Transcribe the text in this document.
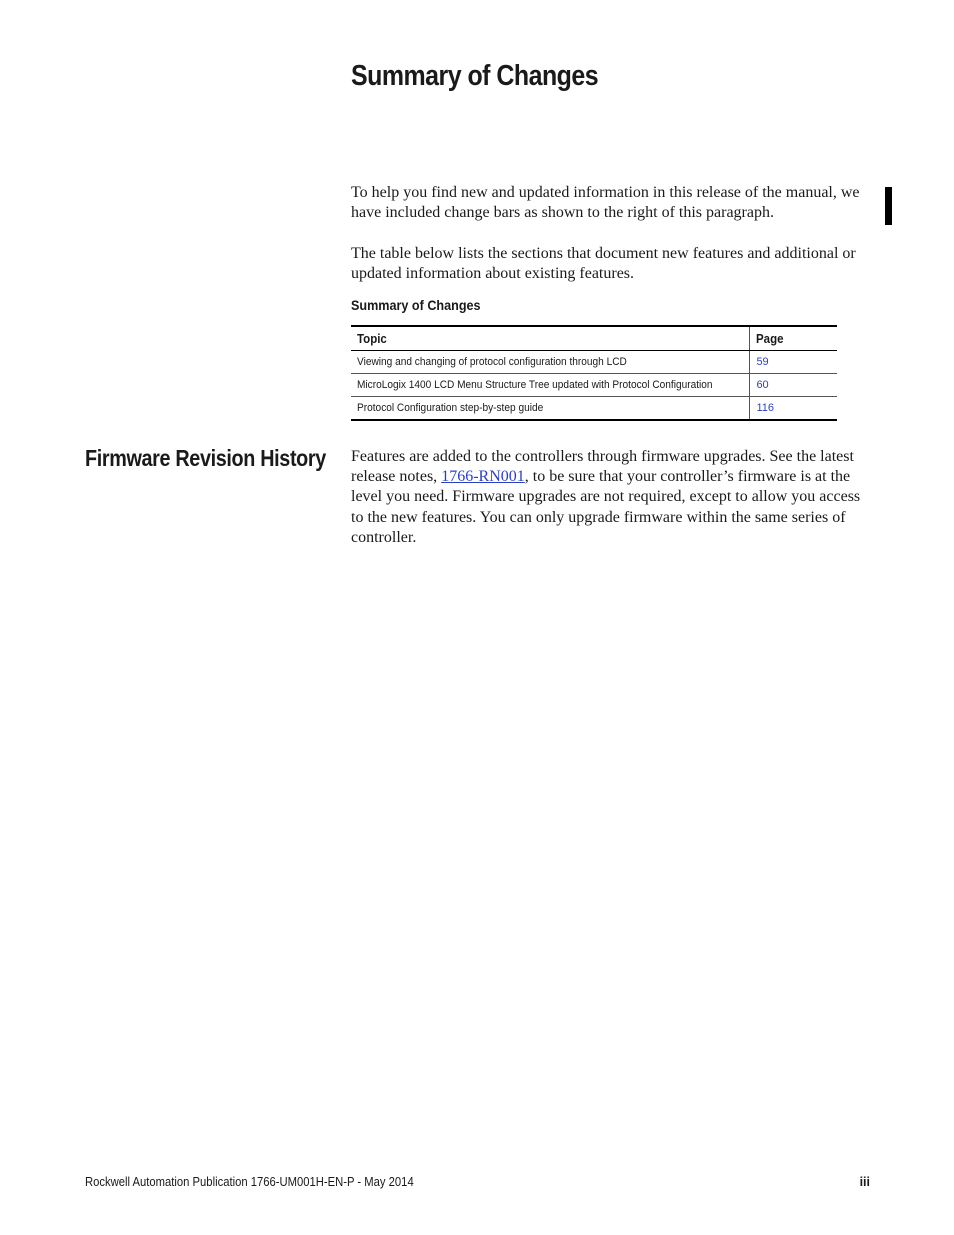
Summary of Changes

To help you find new and updated information in this release of the manual, we have included change bars as shown to the right of this paragraph.

The table below lists the sections that document new features and additional or updated information about existing features.

Summary of Changes

Topic	Page
Viewing and changing of protocol configuration through LCD	59
MicroLogix 1400 LCD Menu Structure Tree updated with Protocol Configuration	60
Protocol Configuration step-by-step guide	116
Firmware Revision History Features are added to the controllers through firmware upgrades. See the latest release notes, 1766-RN001, to be sure that your controller’s firmware is at the level you need. Firmware upgrades are not required, except to allow you access to the new features. You can only upgrade firmware within the same series of controller.

Rockwell Automation Publication 1766-UM001H-EN-P - May 2014	iii
